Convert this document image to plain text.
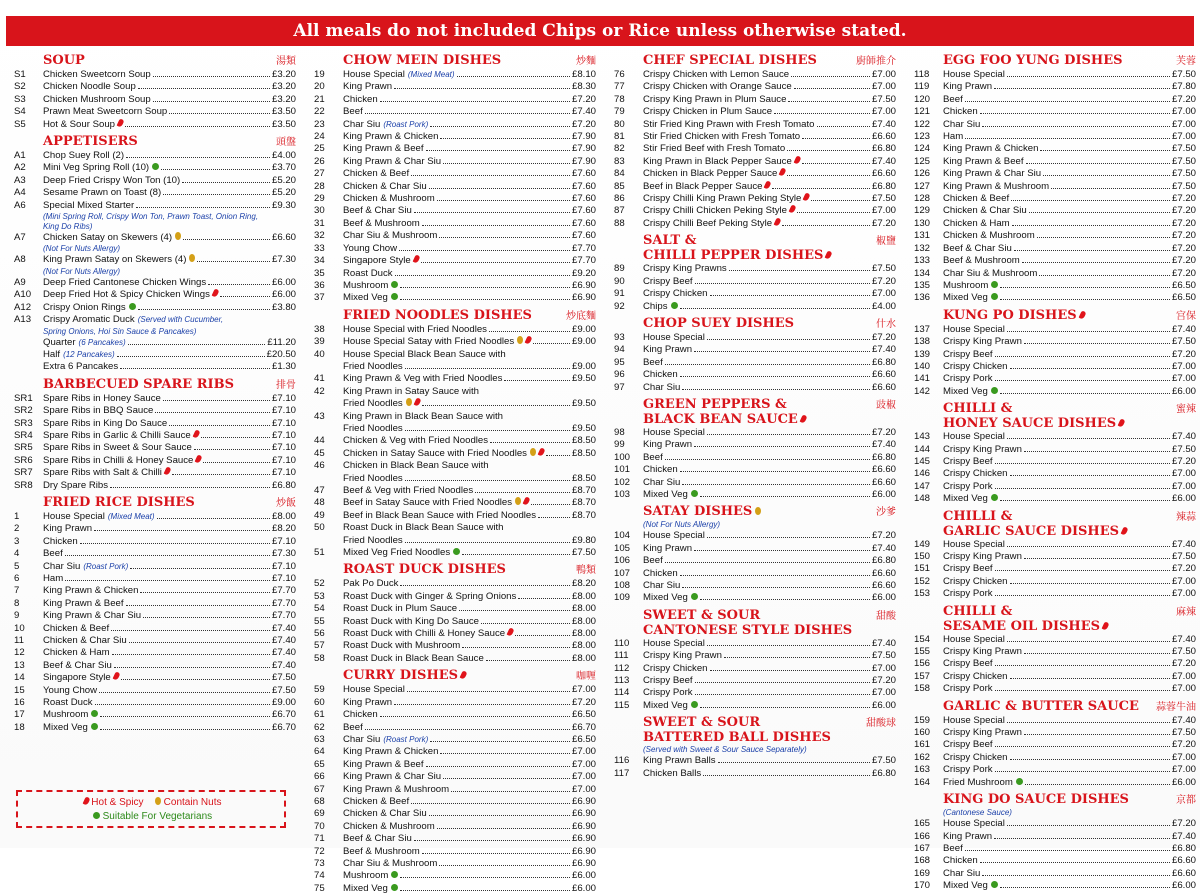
All meals do not included Chips or Rice unless otherwise stated.
SOUP	湯類
S1	Chicken Sweetcorn Soup	£3.20
S2	Chicken Noodle Soup	£3.20
S3	Chicken Mushroom Soup	£3.20
S4	Prawn Meat Sweetcorn Soup	£3.50
S5	Hot & Sour Soup	£3.50
APPETISERS	頭盤
A1	Chop Suey Roll (2)	£4.00
A2	Mini Veg Spring Roll (10)	£3.70
A3	Deep Fried Crispy Won Ton (10)	£5.20
A4	Sesame Prawn on Toast (8)	£5.20
A6	Special Mixed Starter	£9.30
(Mini Spring Roll, Crispy Won Ton, Prawn Toast, Onion Ring,
King Do Ribs)
A7	Chicken Satay on Skewers (4)	£6.60
(Not For Nuts Allergy)
A8	King Prawn Satay on Skewers (4)	£7.30
(Not For Nuts Allergy)
A9	Deep Fried Cantonese Chicken Wings	£6.00
A10	Deep Fried Hot & Spicy Chicken Wings	£6.00
A12	Crispy Onion Rings	£3.80
A13	Crispy Aromatic Duck (Served with Cucumber,
Spring Onions, Hoi Sin Sauce & Pancakes)
Quarter (6 Pancakes)	£11.20
Half (12 Pancakes)	£20.50
Extra 6 Pancakes	£1.30
BARBECUED SPARE RIBS	排骨
SR1	Spare Ribs in Honey Sauce	£7.10
SR2	Spare Ribs in BBQ Sauce	£7.10
SR3	Spare Ribs in King Do Sauce	£7.10
SR4	Spare Ribs in Garlic & Chilli Sauce	£7.10
SR5	Spare Ribs in Sweet & Sour Sauce	£7.10
SR6	Spare Ribs in Chilli & Honey Sauce	£7.10
SR7	Spare Ribs with Salt & Chilli	£7.10
SR8	Dry Spare Ribs	£6.80
FRIED RICE DISHES	炒飯
1	House Special (Mixed Meat)	£8.00
2	King Prawn	£8.20
3	Chicken	£7.10
4	Beef	£7.30
5	Char Siu (Roast Pork)	£7.10
6	Ham	£7.10
7	King Prawn & Chicken	£7.70
8	King Prawn & Beef	£7.70
9	King Prawn & Char Siu	£7.70
10	Chicken & Beef	£7.40
11	Chicken & Char Siu	£7.40
12	Chicken & Ham	£7.40
13	Beef & Char Siu	£7.40
14	Singapore Style	£7.50
15	Young Chow	£7.50
16	Roast Duck	£9.00
17	Mushroom	£6.70
18	Mixed Veg	£6.70
CHOW MEIN DISHES	炒麵
19	House Special (Mixed Meat)	£8.10
20	King Prawn	£8.30
21	Chicken	£7.20
22	Beef	£7.40
23	Char Siu (Roast Pork)	£7.20
24	King Prawn & Chicken	£7.90
25	King Prawn & Beef	£7.90
26	King Prawn & Char Siu	£7.90
27	Chicken & Beef	£7.60
28	Chicken & Char Siu	£7.60
29	Chicken & Mushroom	£7.60
30	Beef & Char Siu	£7.60
31	Beef & Mushroom	£7.60
32	Char Siu & Mushroom	£7.60
33	Young Chow	£7.70
34	Singapore Style	£7.70
35	Roast Duck	£9.20
36	Mushroom	£6.90
37	Mixed Veg	£6.90
FRIED NOODLES DISHES	炒底麵
38	House Special with Fried Noodles	£9.00
39	House Special Satay with Fried Noodles	£9.00
40	House Special Black Bean Sauce with
Fried Noodles	£9.00
41	King Prawn & Veg with Fried Noodles	£9.50
42	King Prawn in Satay Sauce with
Fried Noodles	£9.50
43	King Prawn in Black Bean Sauce with
Fried Noodles	£9.50
44	Chicken & Veg with Fried Noodles	£8.50
45	Chicken in Satay Sauce with Fried Noodles	£8.50
46	Chicken in Black Bean Sauce with
Fried Noodles	£8.50
47	Beef & Veg with Fried Noodles	£8.70
48	Beef in Satay Sauce with Fried Noodles	£8.70
49	Beef in Black Bean Sauce with Fried Noodles	£8.70
50	Roast Duck in Black Bean Sauce with
Fried Noodles	£9.80
51	Mixed Veg Fried Noodles	£7.50
ROAST DUCK DISHES	鴨類
52	Pak Po Duck	£8.20
53	Roast Duck with Ginger & Spring Onions	£8.00
54	Roast Duck in Plum Sauce	£8.00
55	Roast Duck with King Do Sauce	£8.00
56	Roast Duck with Chilli & Honey Sauce	£8.00
57	Roast Duck with Mushroom	£8.00
58	Roast Duck in Black Bean Sauce	£8.00
CURRY DISHES	咖喱
59	House Special	£7.00
60	King Prawn	£7.20
61	Chicken	£6.50
62	Beef	£6.70
63	Char Siu (Roast Pork)	£6.50
64	King Prawn & Chicken	£7.00
65	King Prawn & Beef	£7.00
66	King Prawn & Char Siu	£7.00
67	King Prawn & Mushroom	£7.00
68	Chicken & Beef	£6.90
69	Chicken & Char Siu	£6.90
70	Chicken & Mushroom	£6.90
71	Beef & Char Siu	£6.90
72	Beef & Mushroom	£6.90
73	Char Siu & Mushroom	£6.90
74	Mushroom	£6.00
75	Mixed Veg	£6.00
CHEF SPECIAL DISHES	廚師推介
76	Crispy Chicken with Lemon Sauce	£7.00
77	Crispy Chicken with Orange Sauce	£7.00
78	Crispy King Prawn in Plum Sauce	£7.50
79	Crispy Chicken in Plum Sauce	£7.00
80	Stir Fried King Prawn with Fresh Tomato	£7.40
81	Stir Fried Chicken with Fresh Tomato	£6.60
82	Stir Fried Beef with Fresh Tomato	£6.80
83	King Prawn in Black Pepper Sauce	£7.40
84	Chicken in Black Pepper Sauce	£6.60
85	Beef in Black Pepper Sauce	£6.80
86	Crispy Chilli King Prawn Peking Style	£7.50
87	Crispy Chilli Chicken Peking Style	£7.00
88	Crispy Chilli Beef Peking Style	£7.20
SALT &
CHILLI PEPPER DISHES
椒鹽
89	Crispy King Prawns	£7.50
90	Crispy Beef	£7.20
91	Crispy Chicken	£7.00
92	Chips	£4.00
CHOP SUEY DISHES	什水
93	House Special	£7.20
94	King Prawn	£7.40
95	Beef	£6.80
96	Chicken	£6.60
97	Char Siu	£6.60
GREEN PEPPERS &
BLACK BEAN SAUCE
豉椒
98	House Special	£7.20
99	King Prawn	£7.40
100	Beef	£6.80
101	Chicken	£6.60
102	Char Siu	£6.60
103	Mixed Veg	£6.00
SATAY DISHES	沙爹
(Not For Nuts Allergy)
104	House Special	£7.20
105	King Prawn	£7.40
106	Beef	£6.80
107	Chicken	£6.60
108	Char Siu	£6.60
109	Mixed Veg	£6.00
SWEET & SOUR
CANTONESE STYLE DISHES
甜酸
110	House Special	£7.40
111	Crispy King Prawn	£7.50
112	Crispy Chicken	£7.00
113	Crispy Beef	£7.20
114	Crispy Pork	£7.00
115	Mixed Veg	£6.00
SWEET & SOUR
BATTERED BALL DISHES
甜酸球
(Served with Sweet & Sour Sauce Separately)
116	King Prawn Balls	£7.50
117	Chicken Balls	£6.80
EGG FOO YUNG DISHES	芙蓉
118	House Special	£7.50
119	King Prawn	£7.80
120	Beef	£7.20
121	Chicken	£7.00
122	Char Siu	£7.00
123	Ham	£7.00
124	King Prawn & Chicken	£7.50
125	King Prawn & Beef	£7.50
126	King Prawn & Char Siu	£7.50
127	King Prawn & Mushroom	£7.50
128	Chicken & Beef	£7.20
129	Chicken & Char Siu	£7.20
130	Chicken & Ham	£7.20
131	Chicken & Mushroom	£7.20
132	Beef & Char Siu	£7.20
133	Beef & Mushroom	£7.20
134	Char Siu & Mushroom	£7.20
135	Mushroom	£6.50
136	Mixed Veg	£6.50
KUNG PO DISHES	宫保
137	House Special	£7.40
138	Crispy King Prawn	£7.50
139	Crispy Beef	£7.20
140	Crispy Chicken	£7.00
141	Crispy Pork	£7.00
142	Mixed Veg	£6.00
CHILLI &
HONEY SAUCE DISHES
蜜辣
143	House Special	£7.40
144	Crispy King Prawn	£7.50
145	Crispy Beef	£7.20
146	Crispy Chicken	£7.00
147	Crispy Pork	£7.00
148	Mixed Veg	£6.00
CHILLI &
GARLIC SAUCE DISHES
辣蒜
149	House Special	£7.40
150	Crispy King Prawn	£7.50
151	Crispy Beef	£7.20
152	Crispy Chicken	£7.00
153	Crispy Pork	£7.00
CHILLI &
SESAME OIL DISHES
麻辣
154	House Special	£7.40
155	Crispy King Prawn	£7.50
156	Crispy Beef	£7.20
157	Crispy Chicken	£7.00
158	Crispy Pork	£7.00
GARLIC & BUTTER SAUCE 蒜蓉牛油
159	House Special	£7.40
160	Crispy King Prawn	£7.50
161	Crispy Beef	£7.20
162	Crispy Chicken	£7.00
163	Crispy Pork	£7.00
164	Fried Mushroom	£6.00
KING DO SAUCE DISHES	京都
(Cantonese Sauce)
165	House Special	£7.20
166	King Prawn	£7.40
167	Beef	£6.80
168	Chicken	£6.60
169	Char Siu	£6.60
170	Mixed Veg	£6.00
Hot & Spicy Contain Nuts
Suitable For Vegetarians
